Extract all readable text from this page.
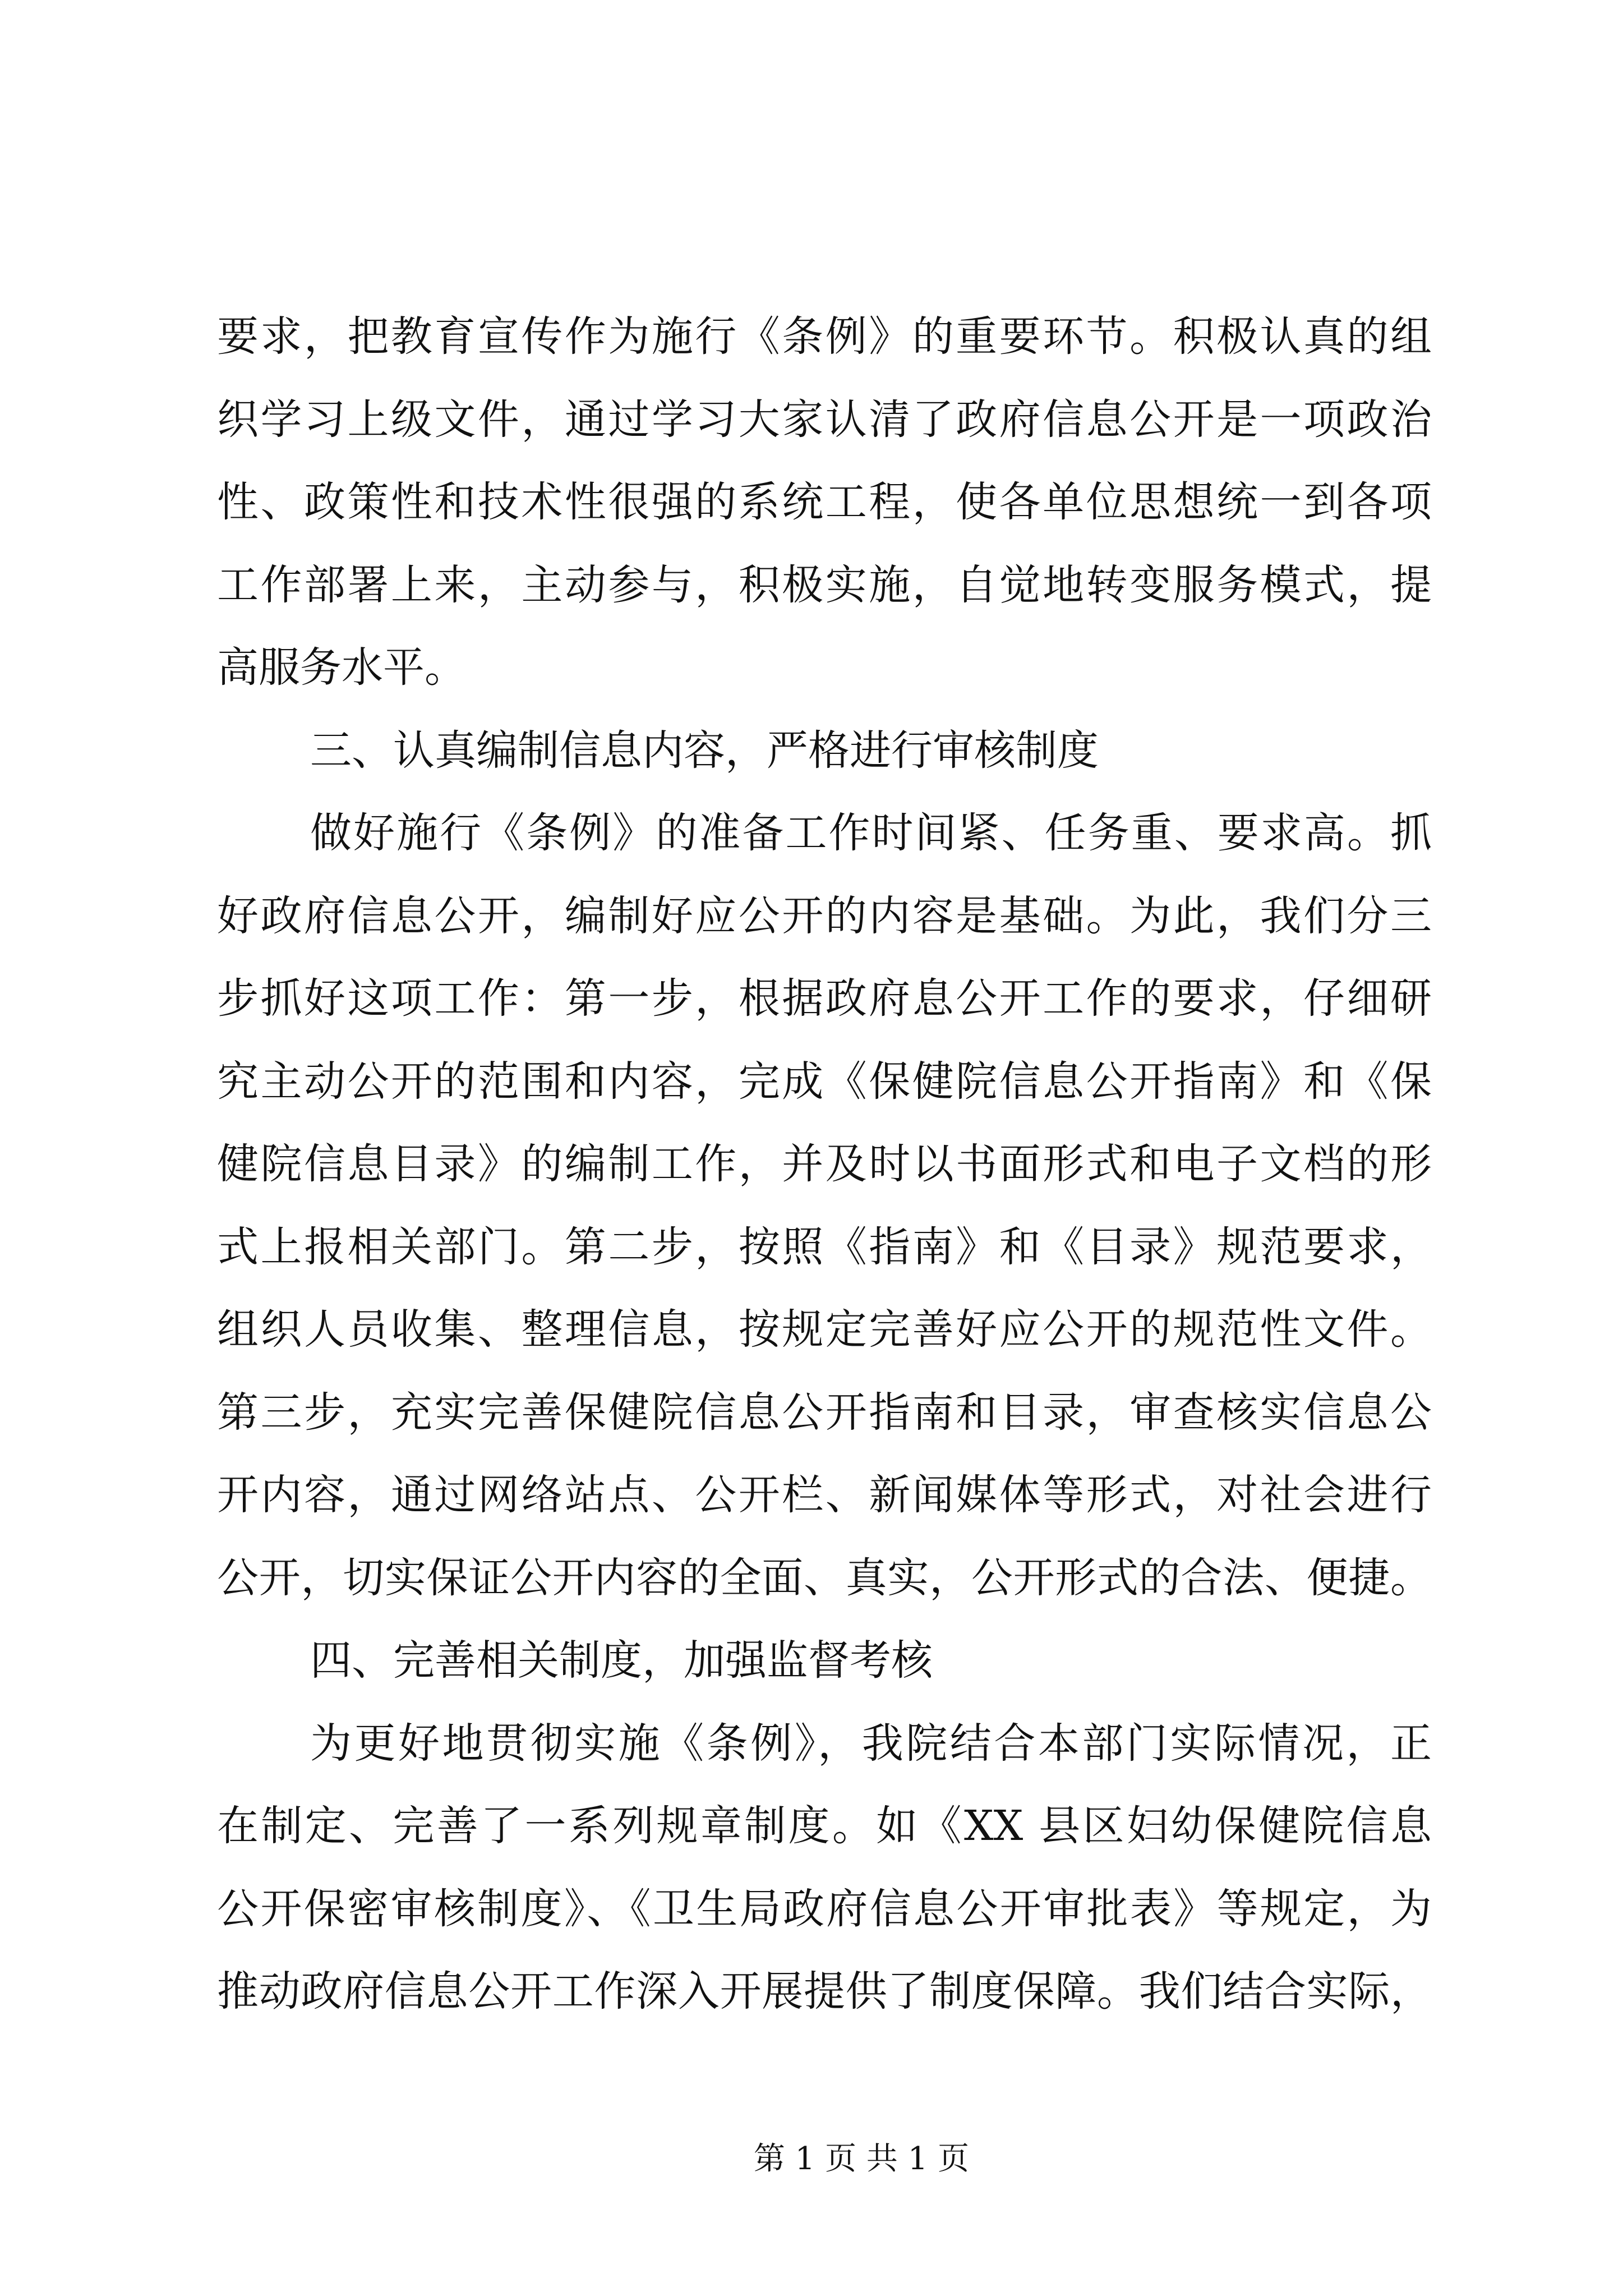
要求，把教育宣传作为施行《条例》的重要环节。积极认真的组
织学习上级文件，通过学习大家认清了政府信息公开是一项政治
性、政策性和技术性很强的系统工程，使各单位思想统一到各项
工作部署上来，主动参与，积极实施，自觉地转变服务模式，提
高服务水平。
三、认真编制信息内容，严格进行审核制度
做好施行《条例》的准备工作时间紧、任务重、要求高。抓
好政府信息公开，编制好应公开的内容是基础。为此，我们分三
步抓好这项工作：第一步，根据政府息公开工作的要求，仔细研
究主动公开的范围和内容，完成《保健院信息公开指南》和《保
健院信息目录》的编制工作，并及时以书面形式和电子文档的形
式上报相关部门。第二步，按照《指南》和《目录》规范要求，
组织人员收集、整理信息，按规定完善好应公开的规范性文件。
第三步，充实完善保健院信息公开指南和目录，审查核实信息公
开内容，通过网络站点、公开栏、新闻媒体等形式，对社会进行
公开，切实保证公开内容的全面、真实，公开形式的合法、便捷。
四、完善相关制度，加强监督考核
为更好地贯彻实施《条例》，我院结合本部门实际情况，正
在制定、完善了一系列规章制度。如《XX 县区妇幼保健院信息
公开保密审核制度》、《卫生局政府信息公开审批表》等规定，为
推动政府信息公开工作深入开展提供了制度保障。我们结合实际，
第 1 页 共 1 页
